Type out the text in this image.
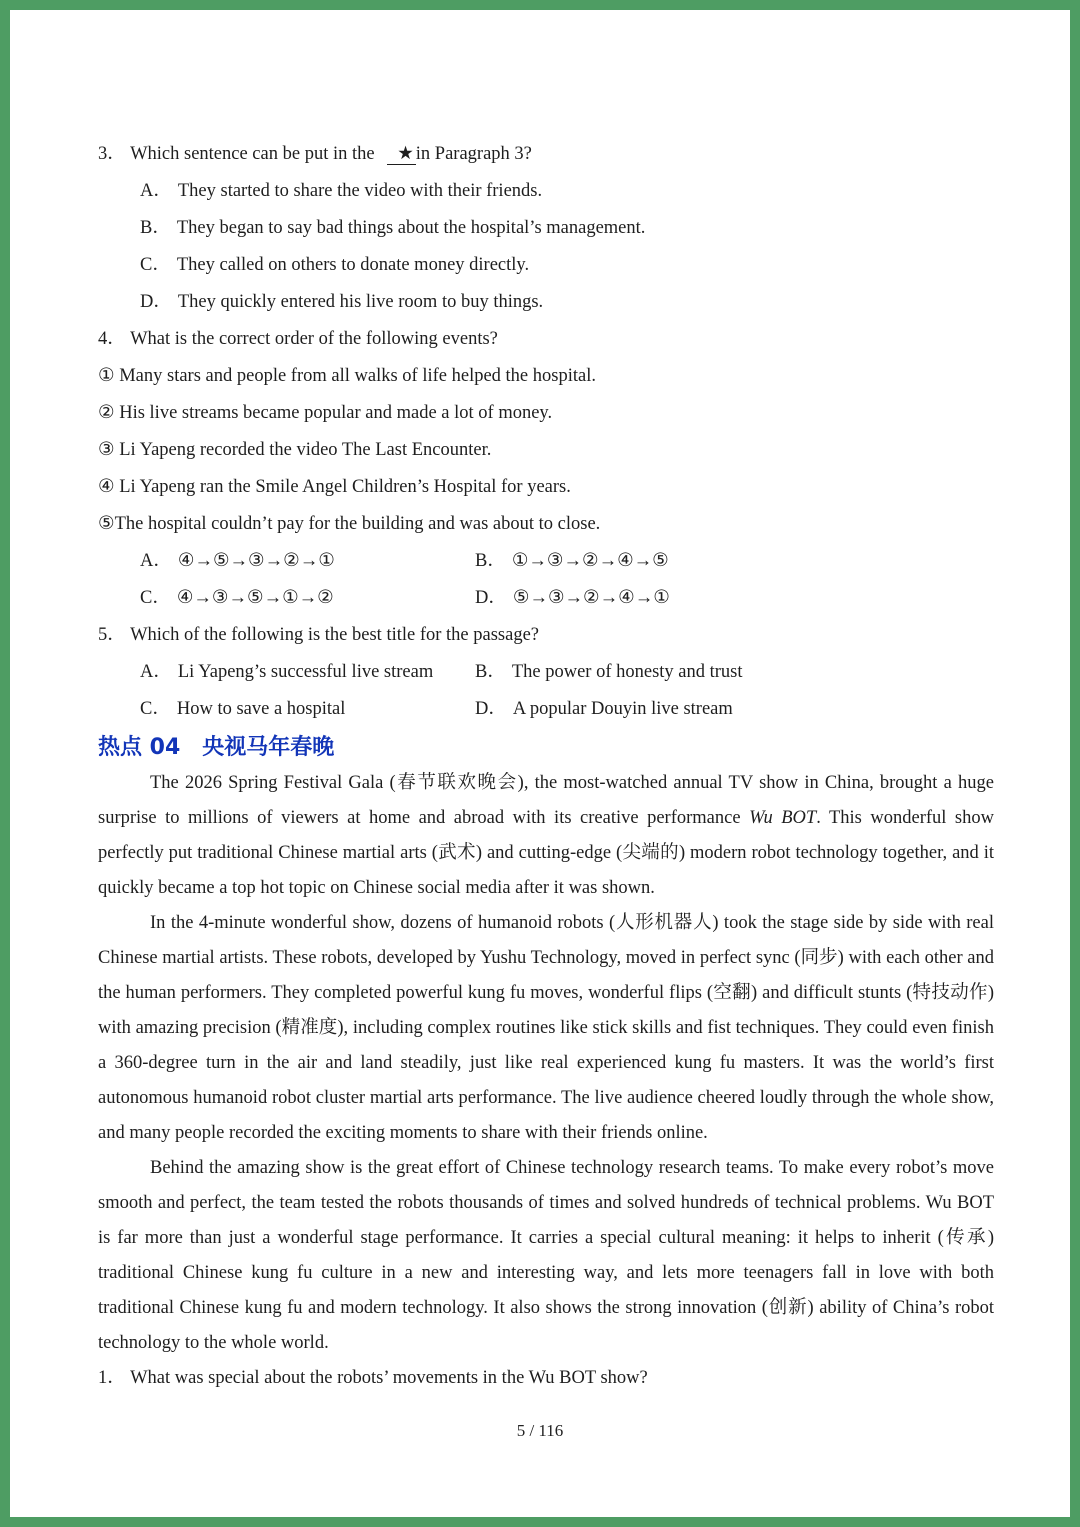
3． Which sentence can be put in the ★ in Paragraph 3?
A． They started to share the video with their friends.
B． They began to say bad things about the hospital’s management.
C． They called on others to donate money directly.
D． They quickly entered his live room to buy things.
4． What is the correct order of the following events?
① Many stars and people from all walks of life helped the hospital.
② His live streams became popular and made a lot of money.
③ Li Yapeng recorded the video The Last Encounter.
④ Li Yapeng ran the Smile Angel Children’s Hospital for years.
⑤The hospital couldn’t pay for the building and was about to close.
A． ④→⑤→③→②→①	B． ①→③→②→④→⑤
C． ④→③→⑤→①→②	D． ⑤→③→②→④→①
5． Which of the following is the best title for the passage?
A． Li Yapeng’s successful live stream	B． The power of honesty and trust
C． How to save a hospital	D． A popular Douyin live stream
热点 04 央视马年春晚

The 2026 Spring Festival Gala (春节联欢晚会), the most-watched annual TV show in China, brought a huge surprise to millions of viewers at home and abroad with its creative performance Wu BOT. This wonderful show perfectly put traditional Chinese martial arts (武术) and cutting-edge (尖端的) modern robot technology together, and it quickly became a top hot topic on Chinese social media after it was shown.

In the 4-minute wonderful show, dozens of humanoid robots (人形机器人) took the stage side by side with real Chinese martial artists. These robots, developed by Yushu Technology, moved in perfect sync (同步) with each other and the human performers. They completed powerful kung fu moves, wonderful flips (空翻) and difficult stunts (特技动作) with amazing precision (精准度), including complex routines like stick skills and fist techniques. They could even finish a 360-degree turn in the air and land steadily, just like real experienced kung fu masters. It was the world’s first autonomous humanoid robot cluster martial arts performance. The live audience cheered loudly through the whole show, and many people recorded the exciting moments to share with their friends online.

Behind the amazing show is the great effort of Chinese technology research teams. To make every robot’s move smooth and perfect, the team tested the robots thousands of times and solved hundreds of technical problems. Wu BOT is far more than just a wonderful stage performance. It carries a special cultural meaning: it helps to inherit (传承) traditional Chinese kung fu culture in a new and interesting way, and lets more teenagers fall in love with both traditional Chinese kung fu and modern technology. It also shows the strong innovation (创新) ability of China’s robot technology to the whole world.

1． What was special about the robots’ movements in the Wu BOT show?
5 / 116
